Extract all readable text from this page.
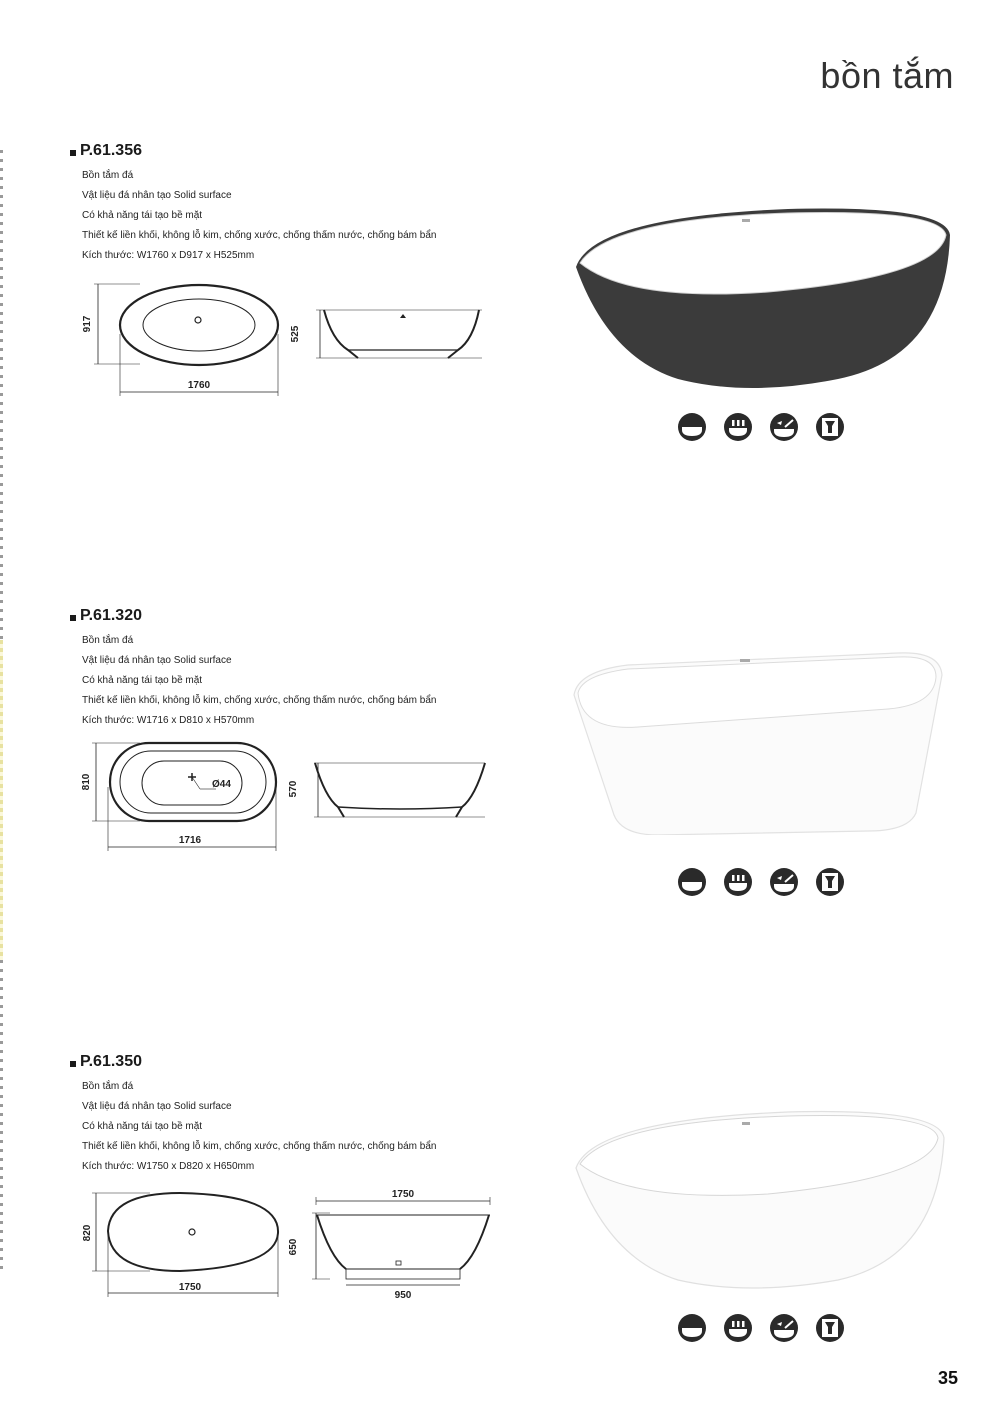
bồn tắm
P.61.356
Bồn tắm đá
Vật liệu đá nhân tạo Solid surface
Có khả năng tái tạo bề mặt
Thiết kế liền khối, không lỗ kim, chống xước, chống thấm nước, chống bám bẩn
Kích thước: W1760 x D917 x H525mm
917
1760
525
P.61.320
Bồn tắm đá
Vật liệu đá nhân tạo Solid surface
Có khả năng tái tạo bề mặt
Thiết kế liền khối, không lỗ kim, chống xước, chống thấm nước, chống bám bẩn
Kích thước: W1716 x D810 x H570mm
Ø44
810
1716
570
P.61.350
Bồn tắm đá
Vật liệu đá nhân tạo Solid surface
Có khả năng tái tạo bề mặt
Thiết kế liền khối, không lỗ kim, chống xước, chống thấm nước, chống bám bẩn
Kích thước: W1750 x D820 x H650mm
820
1750
1750
650
950
35
